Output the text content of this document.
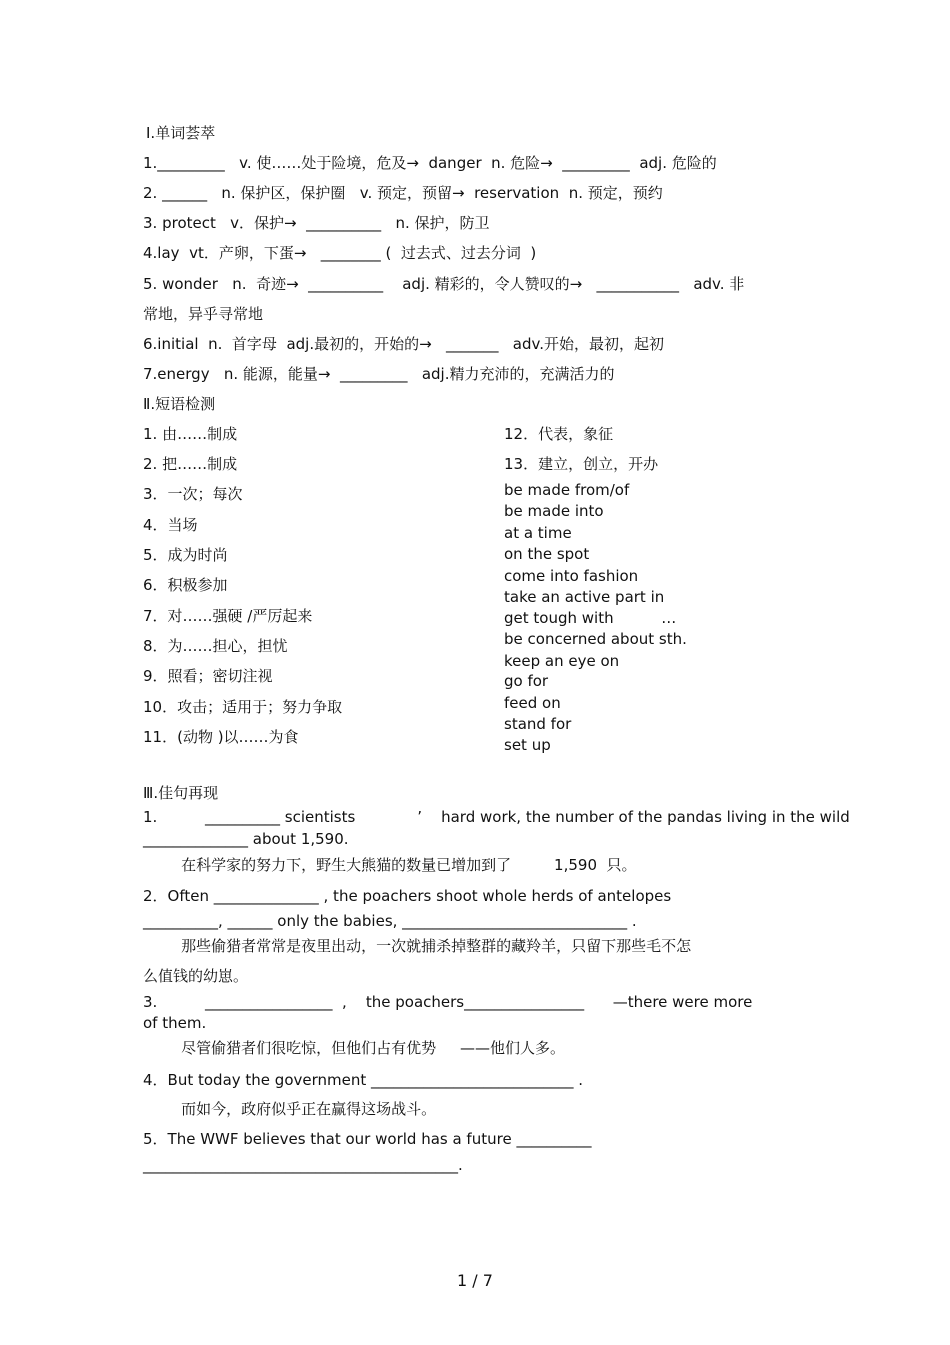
Ⅰ.单词荟萃
1._________   v. 使……处于险境，危及→  danger  n. 危险→  _________  adj. 危险的
2. ______   n. 保护区，保护圈   v. 预定，预留→  reservation  n. 预定，预约
3. protect   v．保护→  __________   n. 保护，防卫
4.lay  vt．产卵，下蛋→   ________ (  过去式、过去分词  )
5. wonder   n.  奇迹→  __________    adj. 精彩的，令人赞叹的→   ___________   adv. 非
常地，异乎寻常地
6.initial  n.  首字母  adj.最初的，开始的→   _______   adv.开始，最初，起初
7.energy   n. 能源，能量→  _________   adj.精力充沛的，充满活力的
Ⅱ.短语检测
1. 由……制成
2. 把……制成
3．一次；每次
4．当场
5．成为时尚
6．积极参加
7．对……强硬 /严厉起来
8．为……担心，担忧
9．照看；密切注视
10．攻击；适用于；努力争取
11．(动物 )以……为食
12．代表，象征
13．建立，创立，开办
be made from/of
be made into
at a time
on the spot
come into fashion
take an active part in
get tough with          …
be concerned about sth.
keep an eye on
go for
feed on
stand for
set up
Ⅲ.佳句再现
1.          __________ scientists             ’    hard work, the number of the pandas living in the wild
______________ about 1,590.
在科学家的努力下，野生大熊猫的数量已增加到了         1,590  只。
2．Often ______________ , the poachers shoot whole herds of antelopes
__________, ______ only the babies, ______________________________ .
那些偷猎者常常是夜里出动，一次就捕杀掉整群的藏羚羊，只留下那些毛不怎
么值钱的幼崽。
3.          _________________  ,    the poachers________________      —there were more
of them.
尽管偷猎者们很吃惊，但他们占有优势     ——他们人多。
4．But today the government ___________________________ .
而如今，政府似乎正在赢得这场战斗。
5．The WWF believes that our world has a future __________
__________________________________________.
1 / 7
